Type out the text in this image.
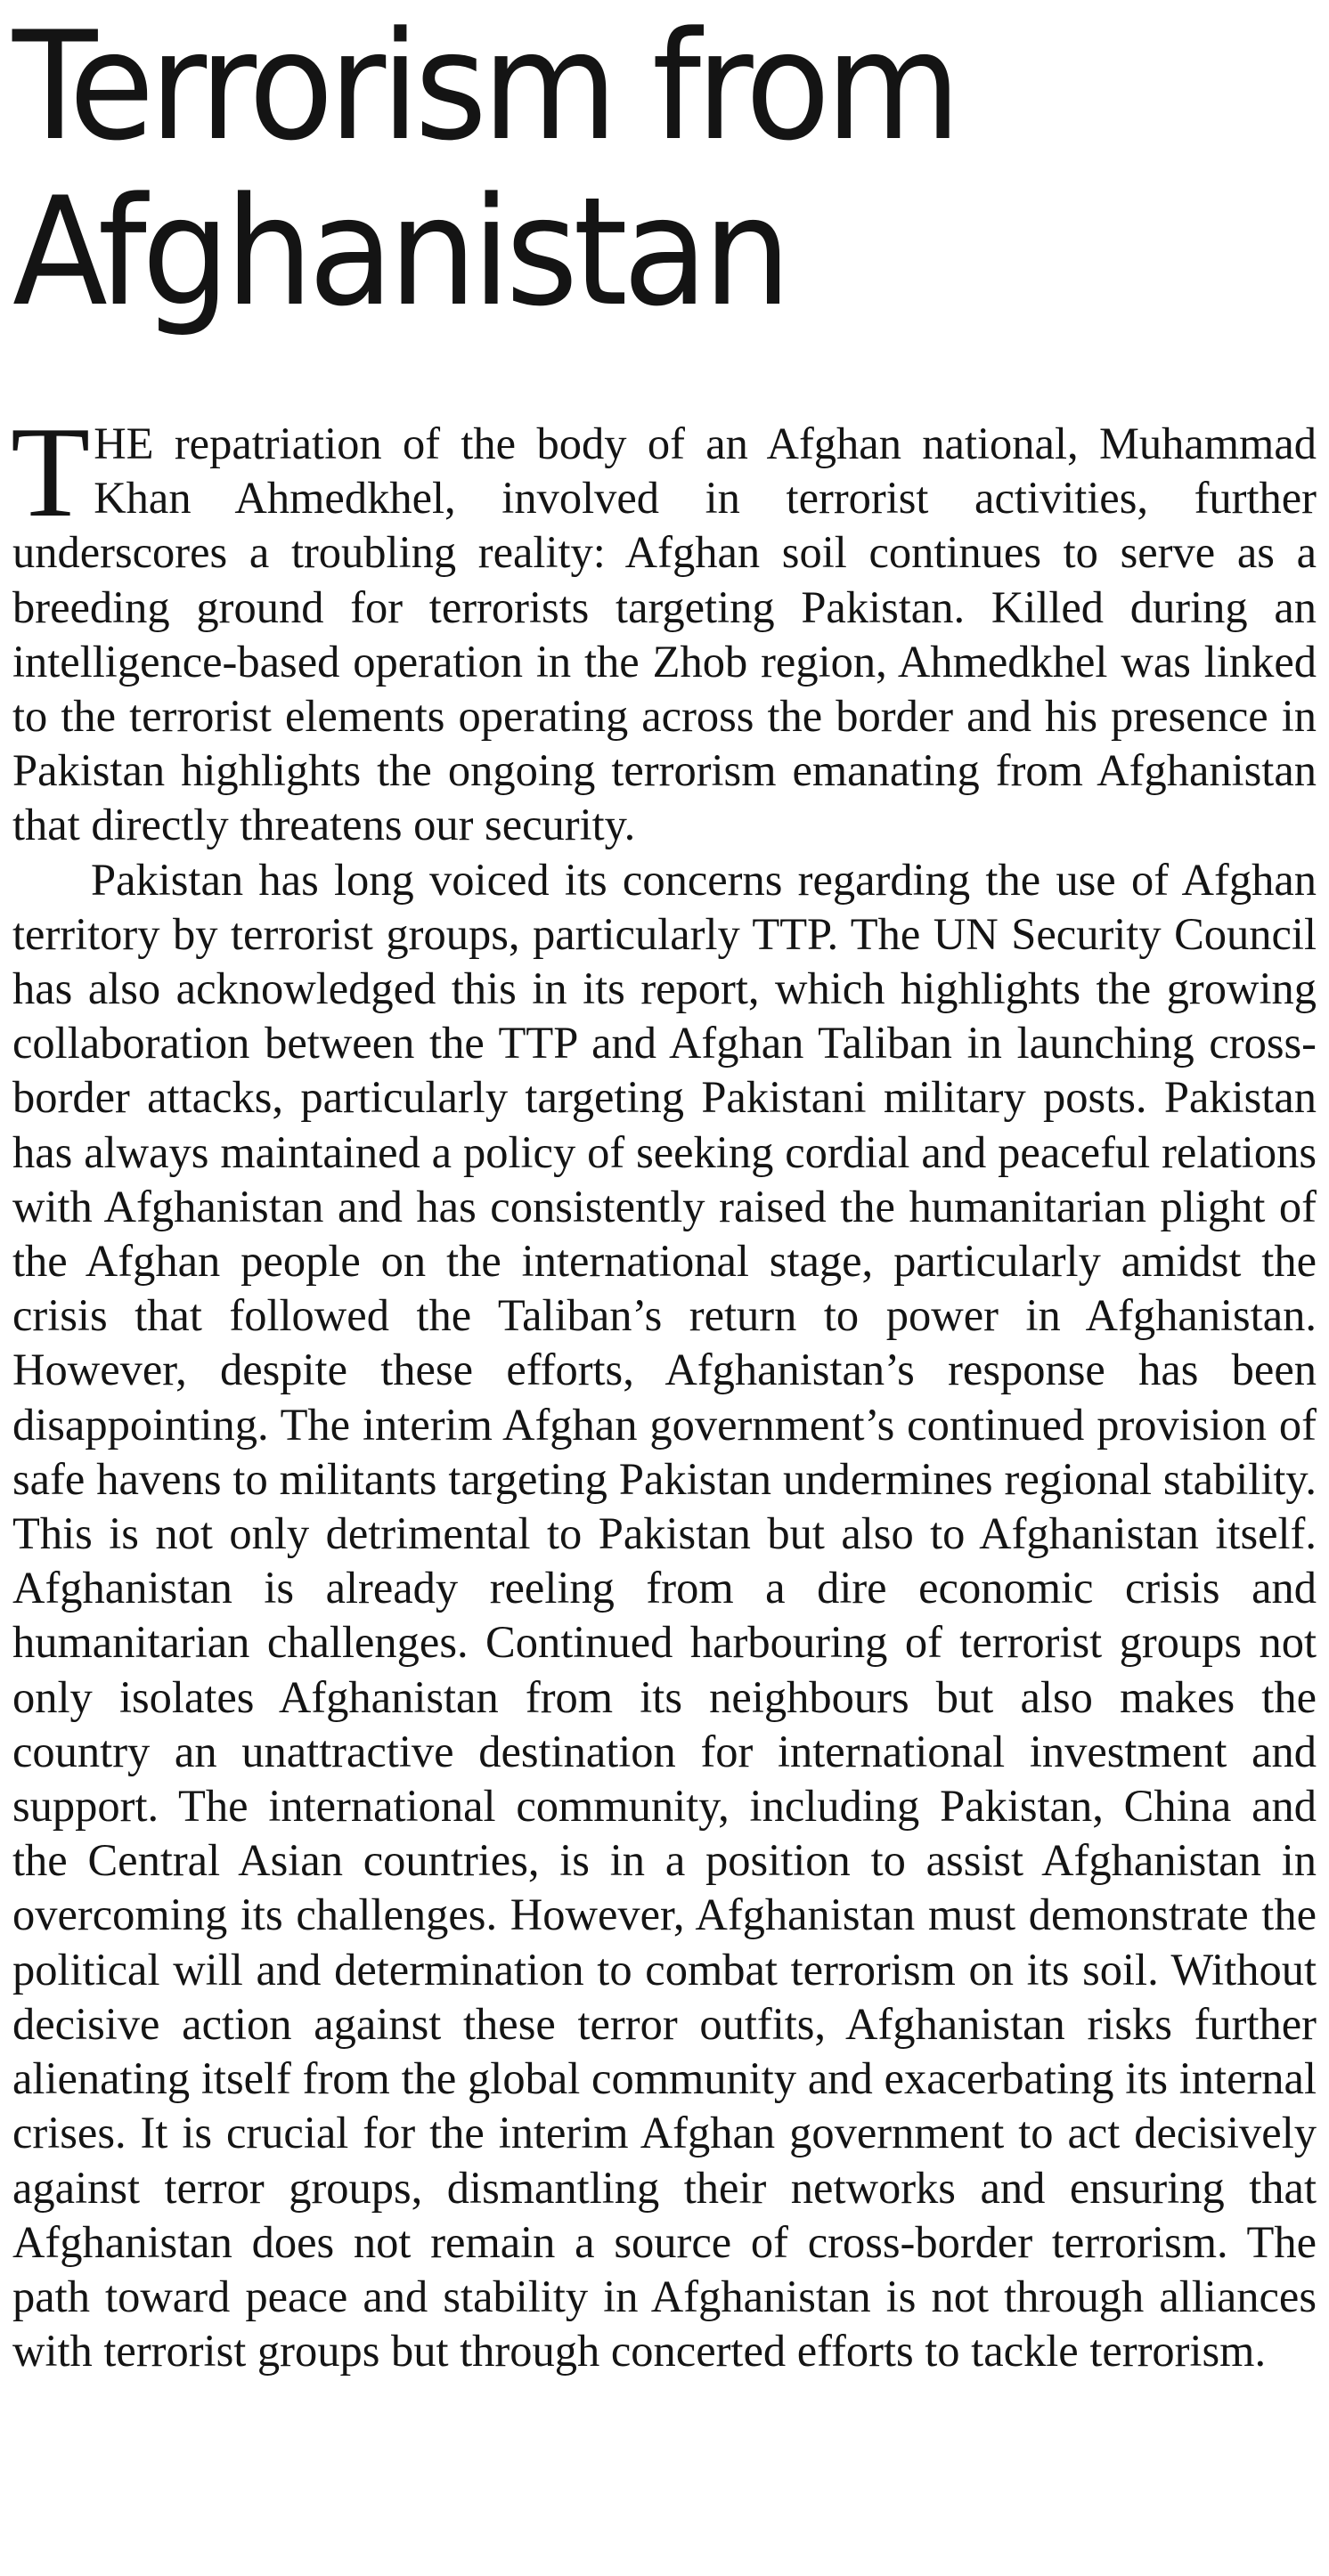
Terrorism from Afghanistan

THE repatriation of the body of an Afghan national, Muhammad Khan Ahmedkhel, involved in terrorist activities, further underscores a troubling reality: Afghan soil continues to serve as a breeding ground for terrorists targeting Pakistan. Killed during an intelligence-based operation in the Zhob region, Ahmedkhel was linked to the terrorist elements operating across the border and his presence in Pakistan highlights the ongoing terrorism emanating from Afghanistan that directly threatens our security.

Pakistan has long voiced its concerns regarding the use of Afghan territory by terrorist groups, particularly TTP. The UN Security Council has also acknowledged this in its report, which highlights the growing collaboration between the TTP and Afghan Taliban in launching cross-border attacks, particularly targeting Pakistani military posts. Pakistan has always maintained a policy of seeking cordial and peaceful relations with Afghanistan and has consistently raised the humanitarian plight of the Afghan people on the international stage, particularly amidst the crisis that followed the Taliban’s return to power in Afghanistan. However, despite these efforts, Afghanistan’s response has been disappointing. The interim Afghan government’s continued provision of safe havens to militants targeting Pakistan undermines regional stability. This is not only detrimental to Pakistan but also to Afghanistan itself. Afghanistan is already reeling from a dire economic crisis and humanitarian challenges. Continued harbouring of terrorist groups not only isolates Afghanistan from its neighbours but also makes the country an unattractive destination for international investment and support. The international community, including Pakistan, China and the Central Asian countries, is in a position to assist Afghanistan in overcoming its challenges. However, Afghanistan must demonstrate the political will and determination to combat terrorism on its soil. Without decisive action against these terror outfits, Afghanistan risks further alienating itself from the global community and exacerbating its internal crises. It is crucial for the interim Afghan government to act decisively against terror groups, dismantling their networks and ensuring that Afghanistan does not remain a source of cross-border terrorism. The path toward peace and stability in Afghanistan is not through alliances with terrorist groups but through concerted efforts to tackle terrorism.
